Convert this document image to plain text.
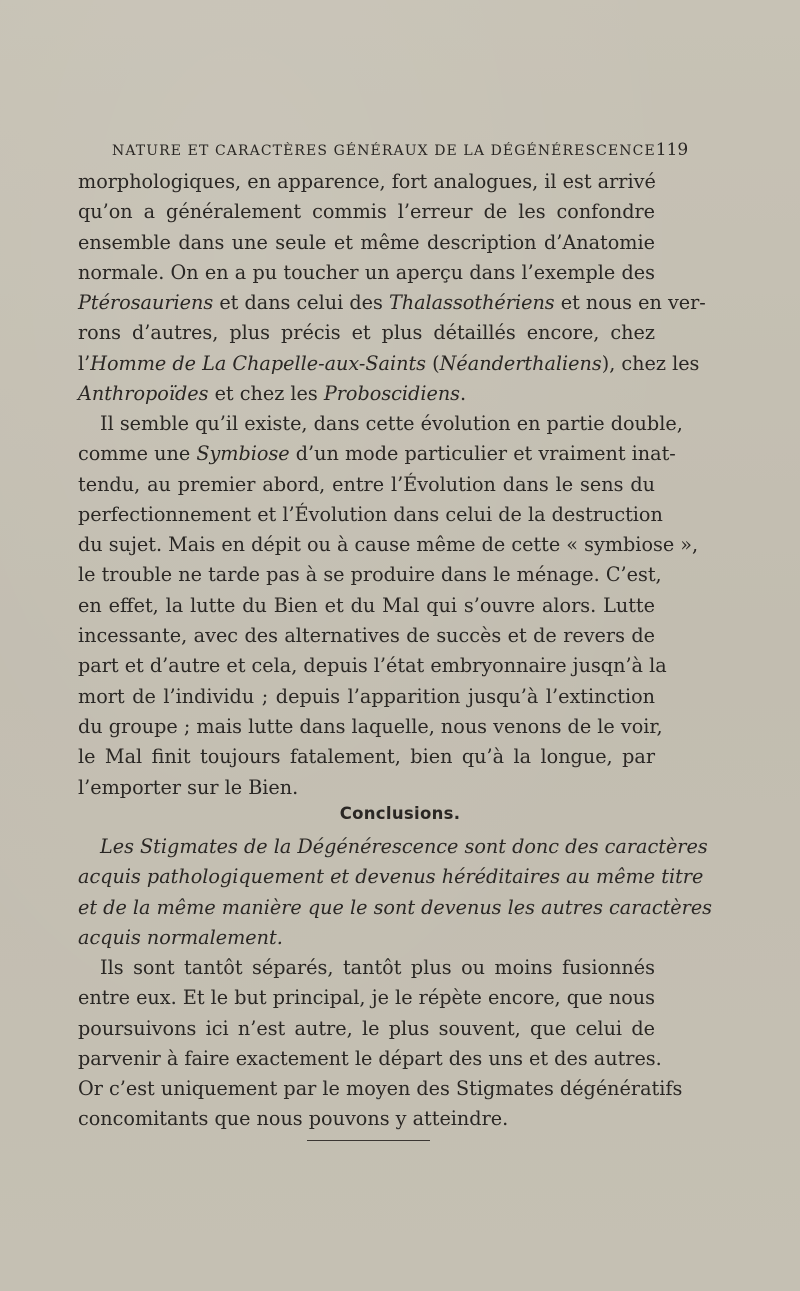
NATURE ET CARACTÈRES GÉNÉRAUX DE LA DÉGÉNÉRESCENCE 119
morphologiques, en apparence, fort analogues, il est arrivé
qu’on a généralement commis l’erreur de les confondre
ensemble dans une seule et même description d’Anatomie
normale. On en a pu toucher un aperçu dans l’exemple des
Ptérosauriens et dans celui des Thalassothériens et nous en ver-
rons d’autres, plus précis et plus détaillés encore, chez
l’Homme de La Chapelle-aux-Saints (Néanderthaliens), chez les
Anthropoïdes et chez les Proboscidiens.
Il semble qu’il existe, dans cette évolution en partie double,
comme une Symbiose d’un mode particulier et vraiment inat-
tendu, au premier abord, entre l’Évolution dans le sens du
perfectionnement et l’Évolution dans celui de la destruction
du sujet. Mais en dépit ou à cause même de cette « symbiose »,
le trouble ne tarde pas à se produire dans le ménage. C’est,
en effet, la lutte du Bien et du Mal qui s’ouvre alors. Lutte
incessante, avec des alternatives de succès et de revers de
part et d’autre et cela, depuis l’état embryonnaire jusqn’à la
mort de l’individu ; depuis l’apparition jusqu’à l’extinction
du groupe ; mais lutte dans laquelle, nous venons de le voir,
le Mal finit toujours fatalement, bien qu’à la longue, par
l’emporter sur le Bien.
Conclusions.
Les Stigmates de la Dégénérescence sont donc des caractères
acquis pathologiquement et devenus héréditaires au même titre
et de la même manière que le sont devenus les autres caractères
acquis normalement.
Ils sont tantôt séparés, tantôt plus ou moins fusionnés
entre eux. Et le but principal, je le répète encore, que nous
poursuivons ici n’est autre, le plus souvent, que celui de
parvenir à faire exactement le départ des uns et des autres.
Or c’est uniquement par le moyen des Stigmates dégénératifs
concomitants que nous pouvons y atteindre.
